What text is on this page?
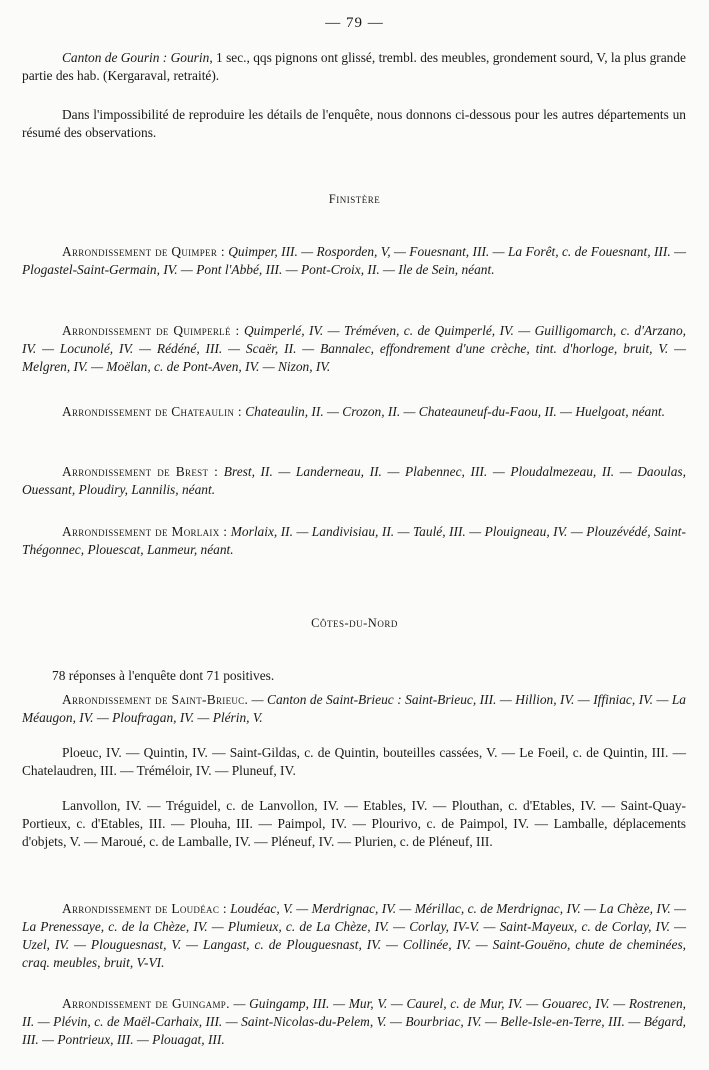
— 79 —

Canton de Gourin : Gourin, 1 sec., qqs pignons ont glissé, trembl. des meubles, grondement sourd, V, la plus grande partie des hab. (Kergaraval, retraité).

Dans l'impossibilité de reproduire les détails de l'enquête, nous donnons ci-dessous pour les autres départements un résumé des observations.

Finistère

Arrondissement de Quimper : Quimper, III. — Rosporden, V, — Fouesnant, III. — La Forêt, c. de Fouesnant, III. — Plogastel-Saint-Germain, IV. — Pont l'Abbé, III. — Pont-Croix, II. — Ile de Sein, néant.

Arrondissement de Quimperlé : Quimperlé, IV. — Tréméven, c. de Quimperlé, IV. — Guilligomarch, c. d'Arzano, IV. — Locunolé, IV. — Rédéné, III. — Scaër, II. — Bannalec, effondrement d'une crèche, tint. d'horloge, bruit, V. — Melgren, IV. — Moëlan, c. de Pont-Aven, IV. — Nizon, IV.

Arrondissement de Chateaulin : Chateaulin, II. — Crozon, II. — Chateauneuf-du-Faou, II. — Huelgoat, néant.

Arrondissement de Brest : Brest, II. — Landerneau, II. — Plabennec, III. — Ploudalmezeau, II. — Daoulas, Ouessant, Ploudiry, Lannilis, néant.

Arrondissement de Morlaix : Morlaix, II. — Landivisiau, II. — Taulé, III. — Plouigneau, IV. — Plouzévédé, Saint-Thégonnec, Plouescat, Lanmeur, néant.

Côtes-du-Nord

78 réponses à l'enquête dont 71 positives.

Arrondissement de Saint-Brieuc. — Canton de Saint-Brieuc : Saint-Brieuc, III. — Hillion, IV. — Iffiniac, IV. — La Méaugon, IV. — Ploufragan, IV. — Plérin, V.

Ploeuc, IV. — Quintin, IV. — Saint-Gildas, c. de Quintin, bouteilles cassées, V. — Le Foeil, c. de Quintin, III. — Chatelaudren, III. — Tréméloir, IV. — Pluneuf, IV.

Lanvollon, IV. — Tréguidel, c. de Lanvollon, IV. — Etables, IV. — Plouthan, c. d'Etables, IV. — Saint-Quay-Portieux, c. d'Etables, III. — Plouha, III. — Paimpol, IV. — Plourivo, c. de Paimpol, IV. — Lamballe, déplacements d'objets, V. — Maroué, c. de Lamballe, IV. — Pléneuf, IV. — Plurien, c. de Pléneuf, III.

Arrondissement de Loudéac : Loudéac, V. — Merdrignac, IV. — Mérillac, c. de Merdrignac, IV. — La Chèze, IV. — La Prenessaye, c. de la Chèze, IV. — Plumieux, c. de La Chèze, IV. — Corlay, IV-V. — Saint-Mayeux, c. de Corlay, IV. — Uzel, IV. — Plouguesnast, V. — Langast, c. de Plouguesnast, IV. — Collinée, IV. — Saint-Gouëno, chute de cheminées, craq. meubles, bruit, V-VI.

Arrondissement de Guingamp. — Guingamp, III. — Mur, V. — Caurel, c. de Mur, IV. — Gouarec, IV. — Rostrenen, II. — Plévin, c. de Maël-Carhaix, III. — Saint-Nicolas-du-Pelem, V. — Bourbriac, IV. — Belle-Isle-en-Terre, III. — Bégard, III. — Pontrieux, III. — Plouagat, III.
